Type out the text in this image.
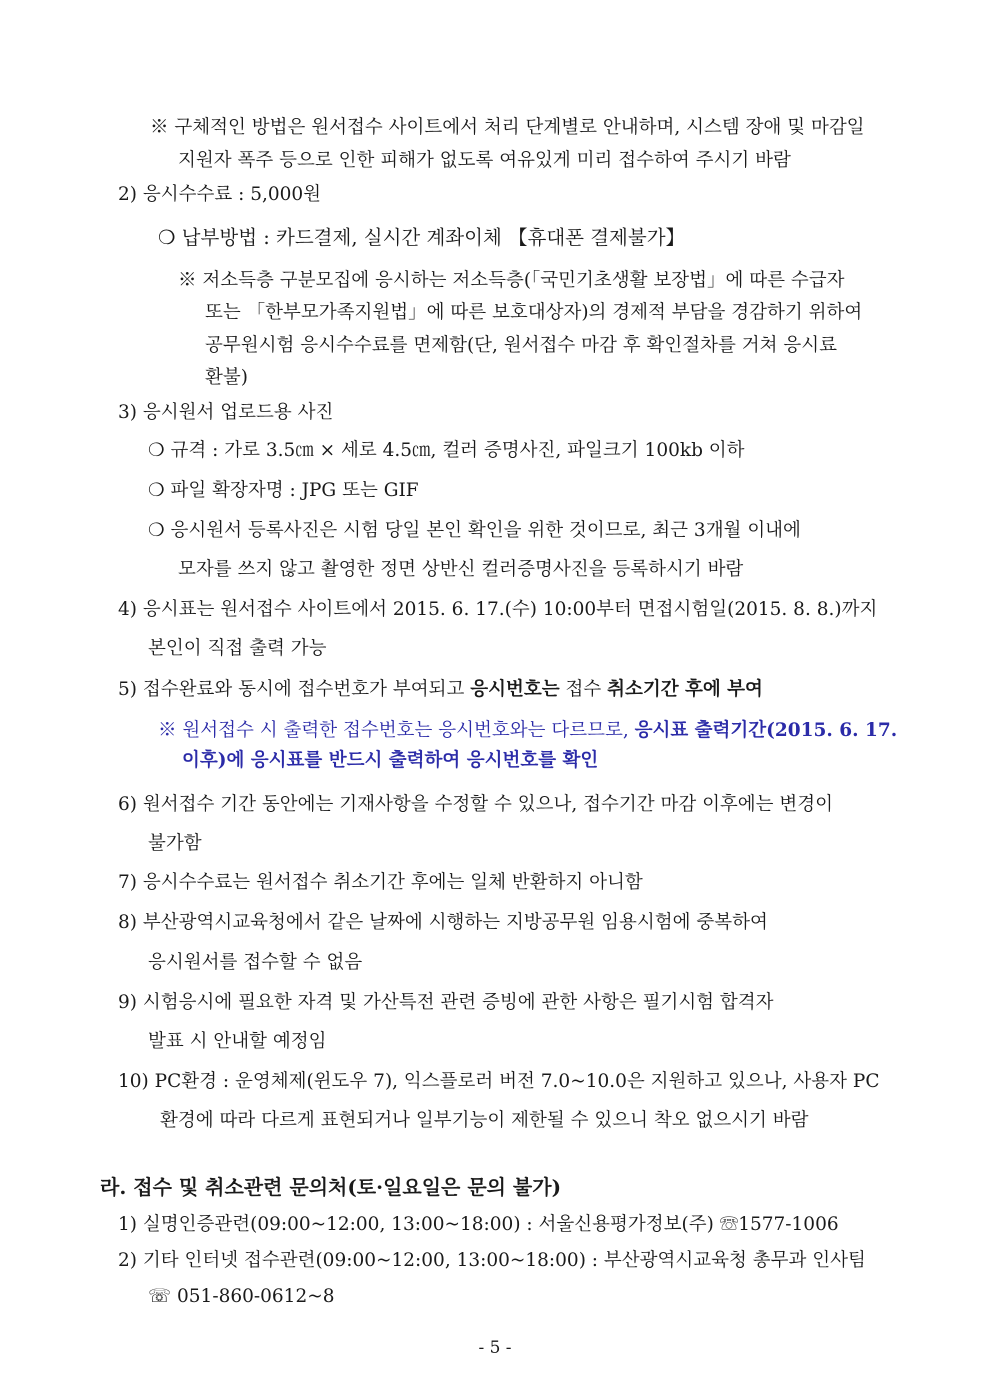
※ 구체적인 방법은 원서접수 사이트에서 처리 단계별로 안내하며, 시스템 장애 및 마감일
지원자 폭주 등으로 인한 피해가 없도록 여유있게 미리 접수하여 주시기 바람
2) 응시수수료 : 5,000원
❍ 납부방법 : 카드결제, 실시간 계좌이체 【휴대폰 결제불가】
※ 저소득층 구분모집에 응시하는 저소득층(「국민기초생활 보장법」에 따른 수급자
또는 「한부모가족지원법」에 따른 보호대상자)의 경제적 부담을 경감하기 위하여
공무원시험 응시수수료를 면제함(단, 원서접수 마감 후 확인절차를 거쳐 응시료
환불)
3) 응시원서 업로드용 사진
❍ 규격 : 가로 3.5㎝ × 세로 4.5㎝, 컬러 증명사진, 파일크기 100kb 이하
❍ 파일 확장자명 : JPG 또는 GIF
❍ 응시원서 등록사진은 시험 당일 본인 확인을 위한 것이므로, 최근 3개월 이내에
모자를 쓰지 않고 촬영한 정면 상반신 컬러증명사진을 등록하시기 바람
4) 응시표는 원서접수 사이트에서 2015. 6. 17.(수) 10:00부터 면접시험일(2015. 8. 8.)까지
본인이 직접 출력 가능
5) 접수완료와 동시에 접수번호가 부여되고 응시번호는 접수 취소기간 후에 부여
※ 원서접수 시 출력한 접수번호는 응시번호와는 다르므로, 응시표 출력기간(2015. 6. 17.
이후)에 응시표를 반드시 출력하여 응시번호를 확인
6) 원서접수 기간 동안에는 기재사항을 수정할 수 있으나, 접수기간 마감 이후에는 변경이
불가함
7) 응시수수료는 원서접수 취소기간 후에는 일체 반환하지 아니함
8) 부산광역시교육청에서 같은 날짜에 시행하는 지방공무원 임용시험에 중복하여
응시원서를 접수할 수 없음
9) 시험응시에 필요한 자격 및 가산특전 관련 증빙에 관한 사항은 필기시험 합격자
발표 시 안내할 예정임
10) PC환경 : 운영체제(윈도우 7), 익스플로러 버전 7.0~10.0은 지원하고 있으나, 사용자 PC
환경에 따라 다르게 표현되거나 일부기능이 제한될 수 있으니 착오 없으시기 바람
라. 접수 및 취소관련 문의처(토·일요일은 문의 불가)
1) 실명인증관련(09:00~12:00, 13:00~18:00) : 서울신용평가정보(주) ☏1577-1006
2) 기타 인터넷 접수관련(09:00~12:00, 13:00~18:00) : 부산광역시교육청 총무과 인사팀
☏ 051-860-0612~8
- 5 -
